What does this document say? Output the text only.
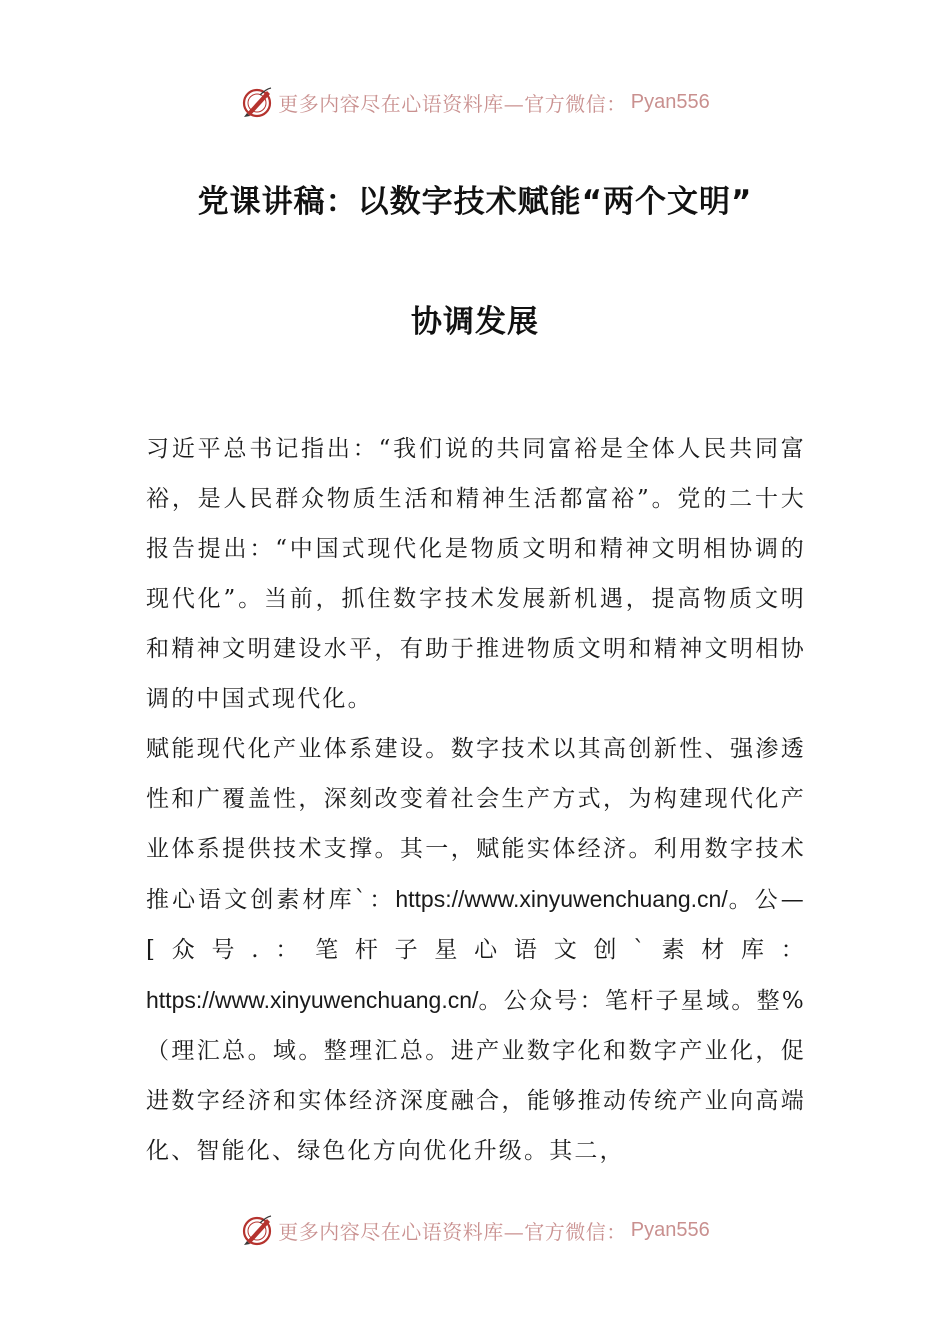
更多内容尽在心语资料库—官方微信： Pyan556
党课讲稿：以数字技术赋能“两个文明”
协调发展
习近平总书记指出：“我们说的共同富裕是全体人民共同富裕，是人民群众物质生活和精神生活都富裕”。党的二十大报告提出：“中国式现代化是物质文明和精神文明相协调的现代化”。当前，抓住数字技术发展新机遇，提高物质文明和精神文明建设水平，有助于推进物质文明和精神文明相协调的中国式现代化。
赋能现代化产业体系建设。数字技术以其高创新性、强渗透性和广覆盖性，深刻改变着社会生产方式，为构建现代化产业体系提供技术支撑。其一，赋能实体经济。利用数字技术推心语文创素材库`：https://www.xinyuwenchuang.cn/。公—[众号.：笔杆子星心语文创`素材库：https://www.xinyuwenchuang.cn/。公众号：笔杆子星域。整%（理汇总。域。整理汇总。进产业数字化和数字产业化，促进数字经济和实体经济深度融合，能够推动传统产业向高端化、智能化、绿色化方向优化升级。其二，
更多内容尽在心语资料库—官方微信： Pyan556
